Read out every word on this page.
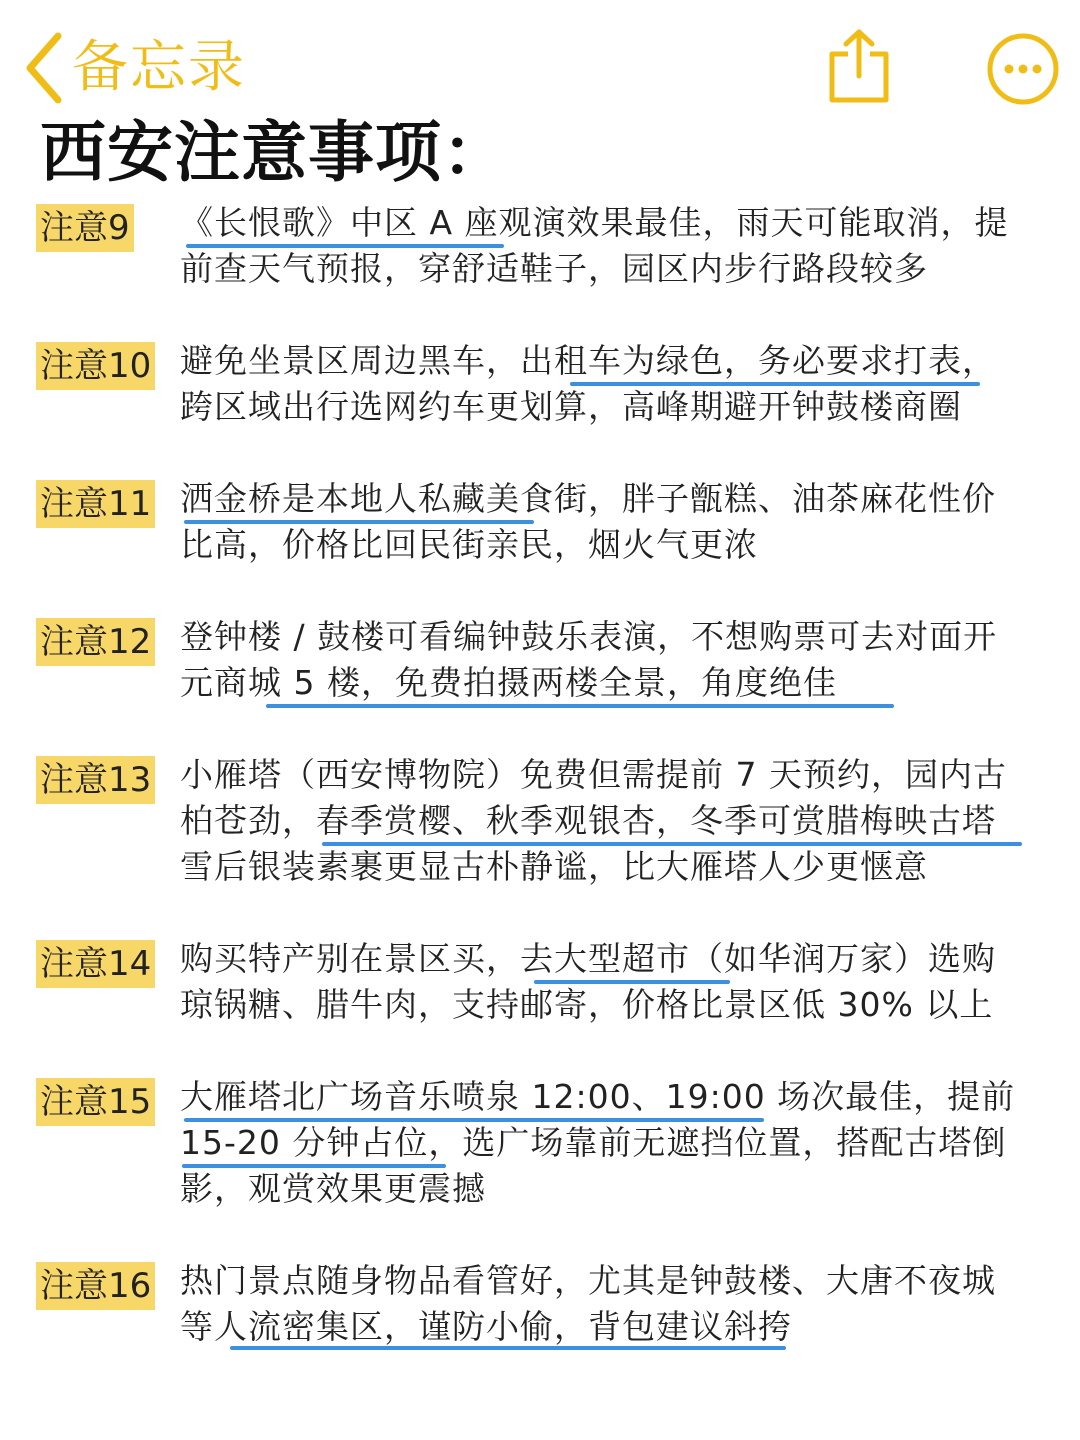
备忘录
西安注意事项：
注意9 《长恨歌》中区 A 座观演效果最佳，雨天可能取消，提
前查天气预报，穿舒适鞋子，园区内步行路段较多
注意10 避免坐景区周边黑车，出租车为绿色，务必要求打表，
跨区域出行选网约车更划算，高峰期避开钟鼓楼商圈
注意11 洒金桥是本地人私藏美食街，胖子甑糕、油茶麻花性价
比高，价格比回民街亲民，烟火气更浓
注意12 登钟楼 / 鼓楼可看编钟鼓乐表演，不想购票可去对面开
元商城 5 楼，免费拍摄两楼全景，角度绝佳
注意13 小雁塔（西安博物院）免费但需提前 7 天预约，园内古
柏苍劲，春季赏樱、秋季观银杏，冬季可赏腊梅映古塔
雪后银装素裹更显古朴静谧，比大雁塔人少更惬意
注意14 购买特产别在景区买，去大型超市（如华润万家）选购
琼锅糖、腊牛肉，支持邮寄，价格比景区低 30% 以上
注意15 大雁塔北广场音乐喷泉 12:00、19:00 场次最佳，提前
15-20 分钟占位，选广场靠前无遮挡位置，搭配古塔倒
影，观赏效果更震撼
注意16 热门景点随身物品看管好，尤其是钟鼓楼、大唐不夜城
等人流密集区，谨防小偷，背包建议斜挎
